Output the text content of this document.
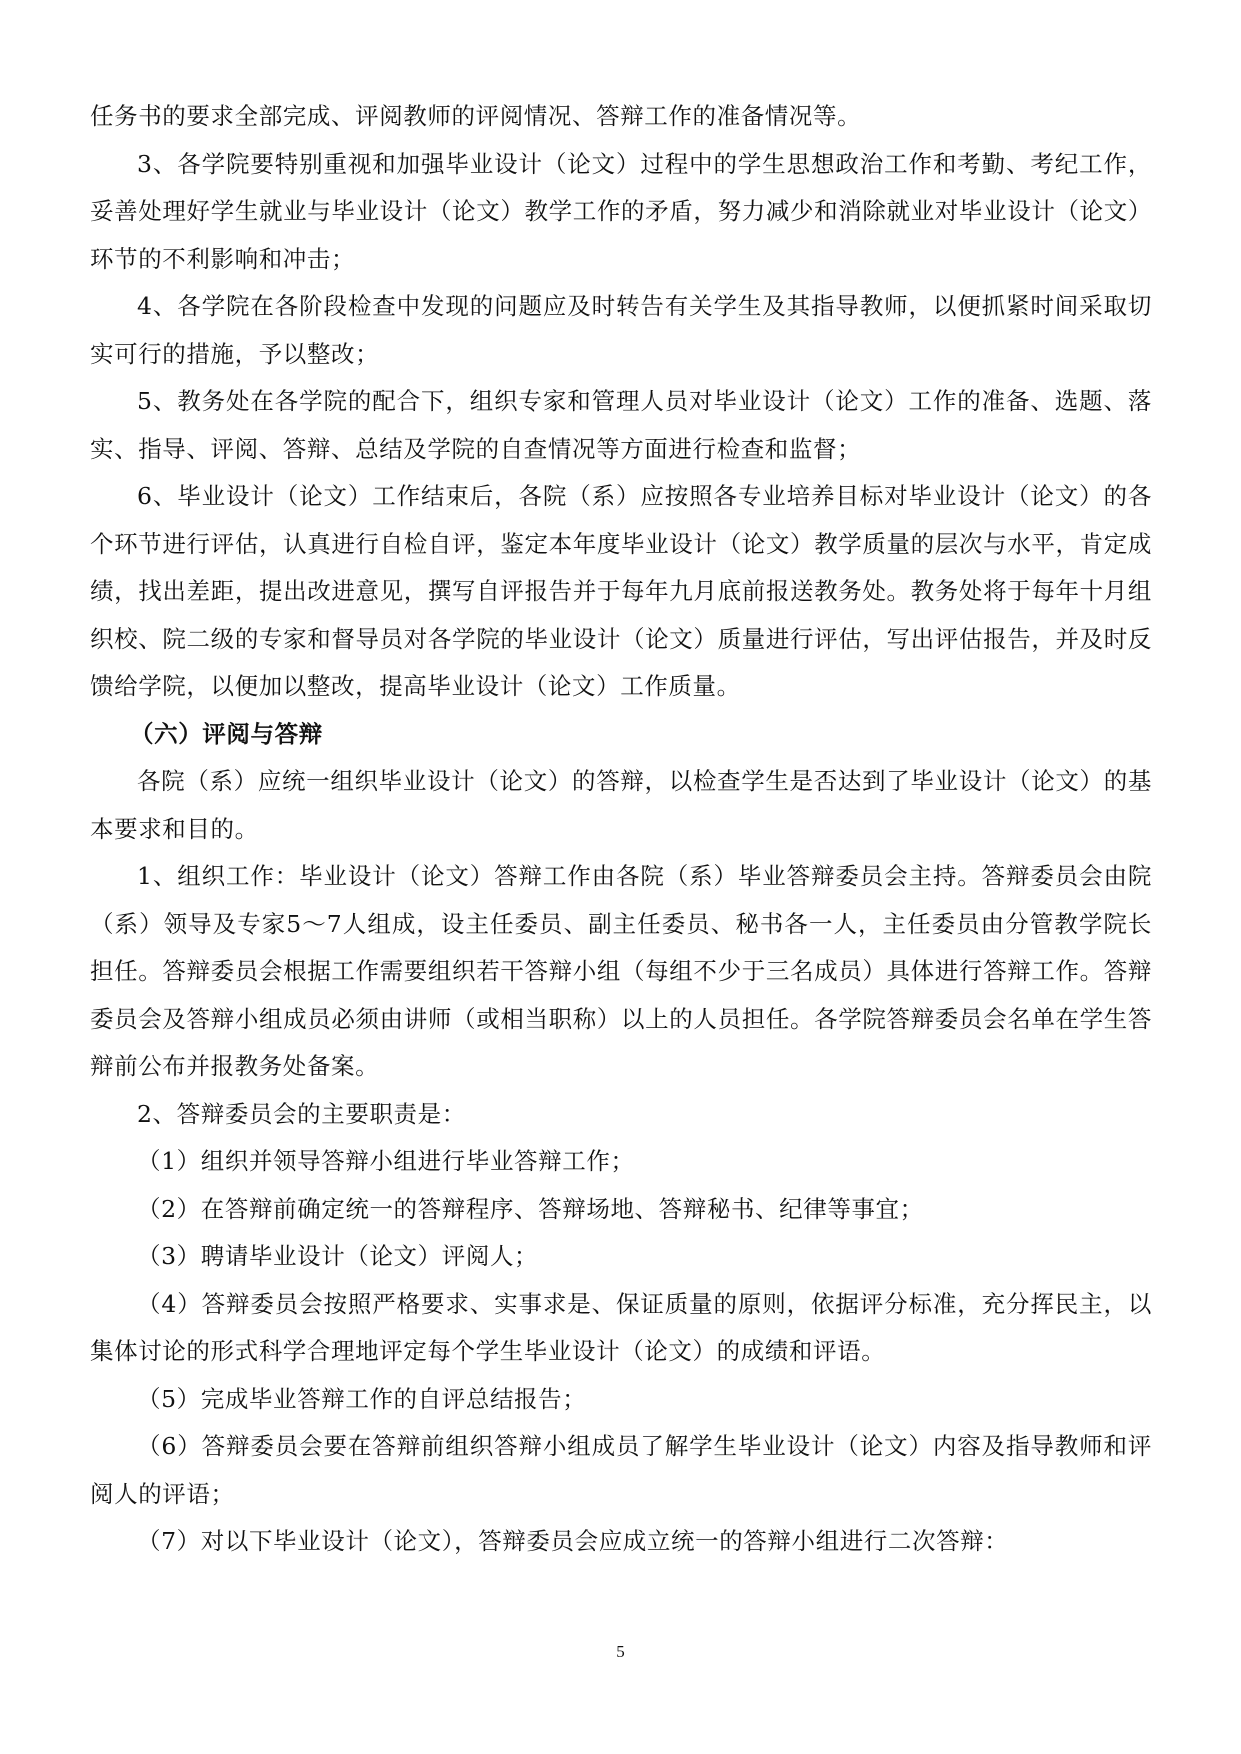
任务书的要求全部完成、评阅教师的评阅情况、答辩工作的准备情况等。

3、各学院要特别重视和加强毕业设计（论文）过程中的学生思想政治工作和考勤、考纪工作，妥善处理好学生就业与毕业设计（论文）教学工作的矛盾，努力减少和消除就业对毕业设计（论文）环节的不利影响和冲击；

4、各学院在各阶段检查中发现的问题应及时转告有关学生及其指导教师，以便抓紧时间采取切实可行的措施，予以整改；

5、教务处在各学院的配合下，组织专家和管理人员对毕业设计（论文）工作的准备、选题、落实、指导、评阅、答辩、总结及学院的自查情况等方面进行检查和监督；

6、毕业设计（论文）工作结束后，各院（系）应按照各专业培养目标对毕业设计（论文）的各个环节进行评估，认真进行自检自评，鉴定本年度毕业设计（论文）教学质量的层次与水平，肯定成绩，找出差距，提出改进意见，撰写自评报告并于每年九月底前报送教务处。教务处将于每年十月组织校、院二级的专家和督导员对各学院的毕业设计（论文）质量进行评估，写出评估报告，并及时反馈给学院，以便加以整改，提高毕业设计（论文）工作质量。

（六）评阅与答辩

各院（系）应统一组织毕业设计（论文）的答辩，以检查学生是否达到了毕业设计（论文）的基本要求和目的。

1、组织工作：毕业设计（论文）答辩工作由各院（系）毕业答辩委员会主持。答辩委员会由院（系）领导及专家5～7人组成，设主任委员、副主任委员、秘书各一人，主任委员由分管教学院长担任。答辩委员会根据工作需要组织若干答辩小组（每组不少于三名成员）具体进行答辩工作。答辩委员会及答辩小组成员必须由讲师（或相当职称）以上的人员担任。各学院答辩委员会名单在学生答辩前公布并报教务处备案。

2、答辩委员会的主要职责是：

（1）组织并领导答辩小组进行毕业答辩工作；

（2）在答辩前确定统一的答辩程序、答辩场地、答辩秘书、纪律等事宜；

（3）聘请毕业设计（论文）评阅人；

（4）答辩委员会按照严格要求、实事求是、保证质量的原则，依据评分标准，充分挥民主，以集体讨论的形式科学合理地评定每个学生毕业设计（论文）的成绩和评语。

（5）完成毕业答辩工作的自评总结报告；

（6）答辩委员会要在答辩前组织答辩小组成员了解学生毕业设计（论文）内容及指导教师和评阅人的评语；

（7）对以下毕业设计（论文），答辩委员会应成立统一的答辩小组进行二次答辩：

5
